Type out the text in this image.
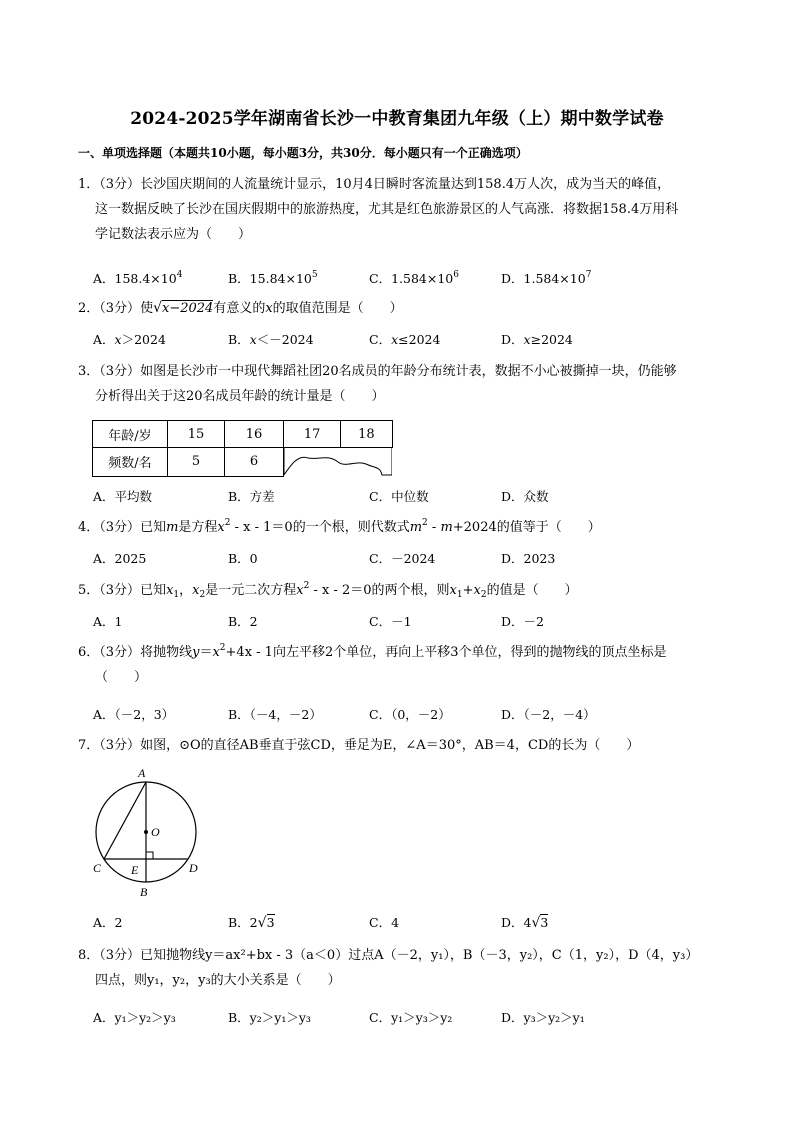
2024-2025学年湖南省长沙一中教育集团九年级（上）期中数学试卷
一、单项选择题（本题共10小题，每小题3分，共30分．每小题只有一个正确选项）
1．（3分）长沙国庆期间的人流量统计显示，10月4日瞬时客流量达到158.4万人次，成为当天的峰值，
这一数据反映了长沙在国庆假期中的旅游热度，尤其是红色旅游景区的人气高涨．将数据158.4万用科
学记数法表示应为（　　）
A．$158.4\times 10^4$	B．$15.84\times 10^5$	C．$1.584\times 10^6$	D．$1.584\times 10^7$
2．（3分）使√x−2024有意义的x的取值范围是（　　）
A．x＞2024	B．x＜－2024	C．x≤2024	D．x≥2024
3．（3分）如图是长沙市一中现代舞蹈社团20名成员的年龄分布统计表，数据不小心被撕掉一块，仍能够
分析得出关于这20名成员年龄的统计量是（　　）
年龄/岁	15	16	17	18
频数/名	5	6	
A．平均数	B．方差	C．中位数	D．众数
4．（3分）已知m是方程$x^2 - x - 1=0$的一个根，则代数式$m^2 - m+2024$的值等于（　　）
A．2025	B．0	C．－2024	D．2023
5．（3分）已知$x_1$，$x_2$是一元二次方程$x^2 - x - 2=0$的两个根，则$x_1+x_2$的值是（　　）
A．1	B．2	C．－1	D．－2
6．（3分）将抛物线$y=x^2+4x - 1$向左平移2个单位，再向上平移3个单位，得到的抛物线的顶点坐标是
（　　）
A．（－2，3）	B．（－4，－2）	C．（0，－2）	D．（－2，－4）
7．（3分）如图，⊙O的直径AB垂直于弦CD，垂足为E，∠A＝30°，AB＝4，CD的长为（　　）
A
O
C E	D
B
A．2	B．2√3	C．4	D．4√3
8．（3分）已知抛物线y＝ax²+bx - 3（a＜0）过点A（－2，y₁），B（－3，y₂），C（1，y₂），D（4，y₃）
四点，则y₁，y₂，y₃的大小关系是（　　）
A．y₁＞y₂＞y₃	B．y₂＞y₁＞y₃	C．y₁＞y₃＞y₂	D．y₃＞y₂＞y₁
